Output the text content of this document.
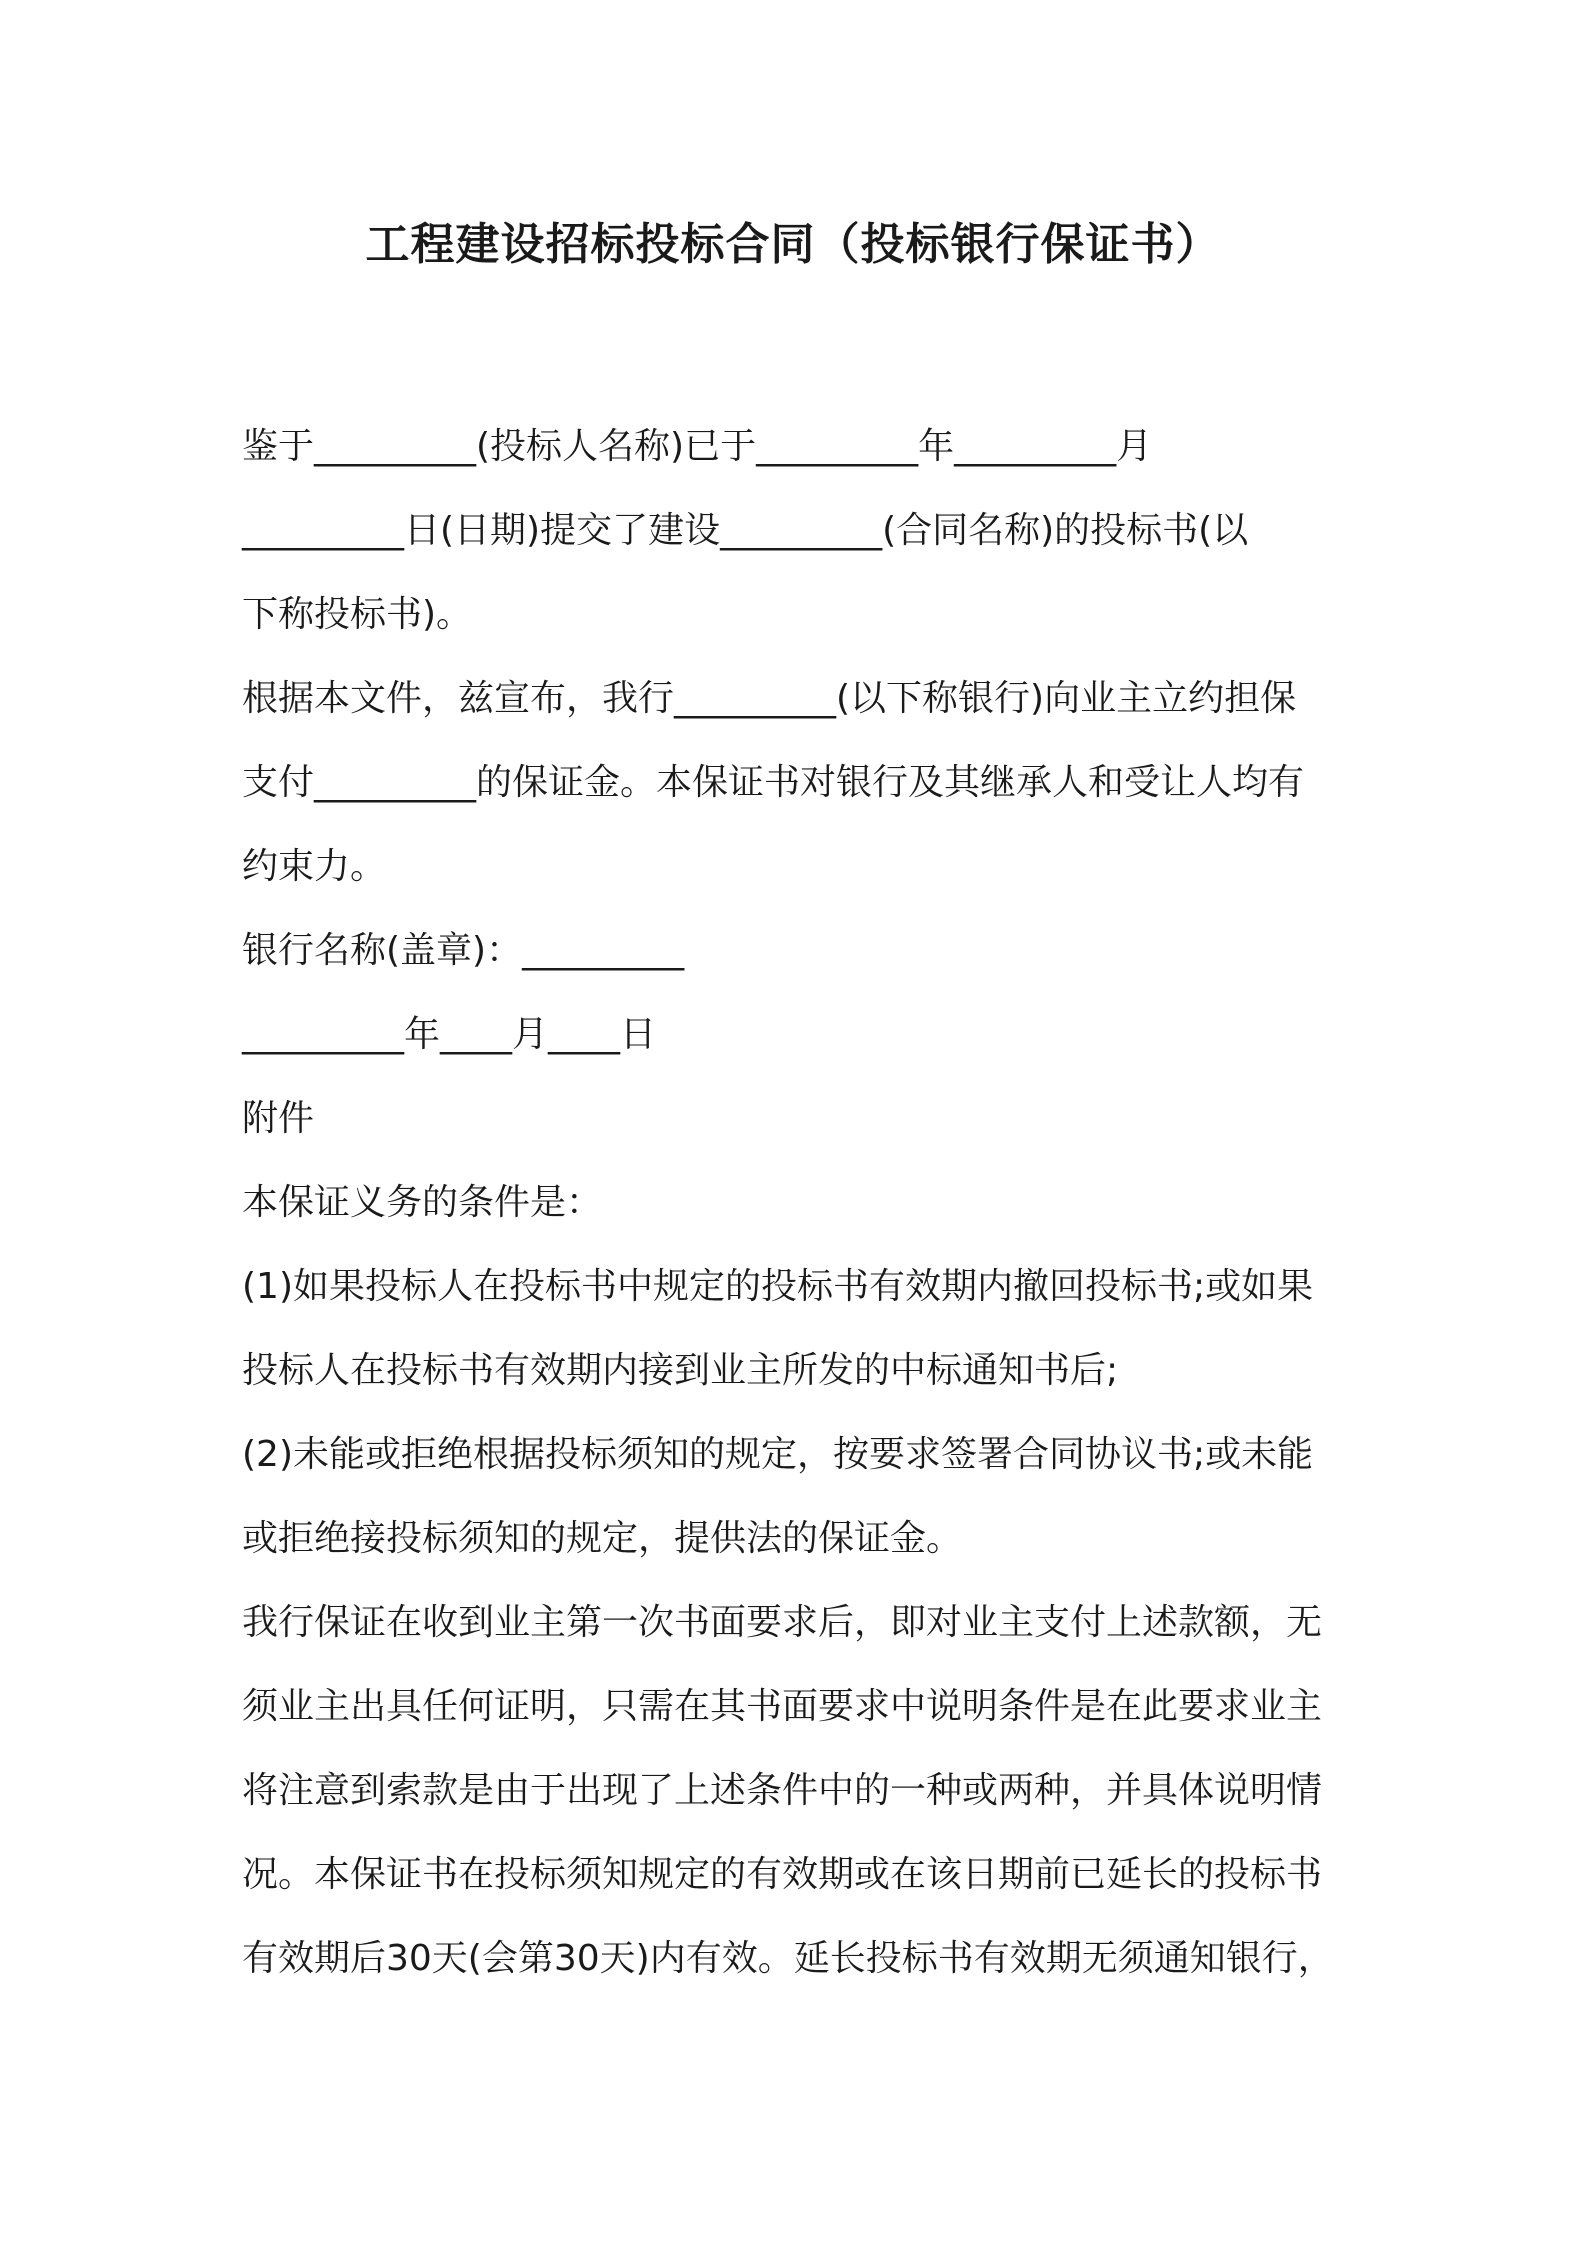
工程建设招标投标合同（投标银行保证书）
鉴于_________(投标人名称)已于_________年_________月
_________日(日期)提交了建设_________(合同名称)的投标书(以
下称投标书)。
根据本文件，兹宣布，我行_________(以下称银行)向业主立约担保
支付_________的保证金。本保证书对银行及其继承人和受让人均有
约束力。
银行名称(盖章)：_________
_________年____月____日
附件
本保证义务的条件是：
(1)如果投标人在投标书中规定的投标书有效期内撤回投标书;或如果
投标人在投标书有效期内接到业主所发的中标通知书后;
(2)未能或拒绝根据投标须知的规定，按要求签署合同协议书;或未能
或拒绝接投标须知的规定，提供法的保证金。
我行保证在收到业主第一次书面要求后，即对业主支付上述款额，无
须业主出具任何证明，只需在其书面要求中说明条件是在此要求业主
将注意到索款是由于出现了上述条件中的一种或两种，并具体说明情
况。本保证书在投标须知规定的有效期或在该日期前已延长的投标书
有效期后30天(会第30天)内有效。延长投标书有效期无须通知银行，
